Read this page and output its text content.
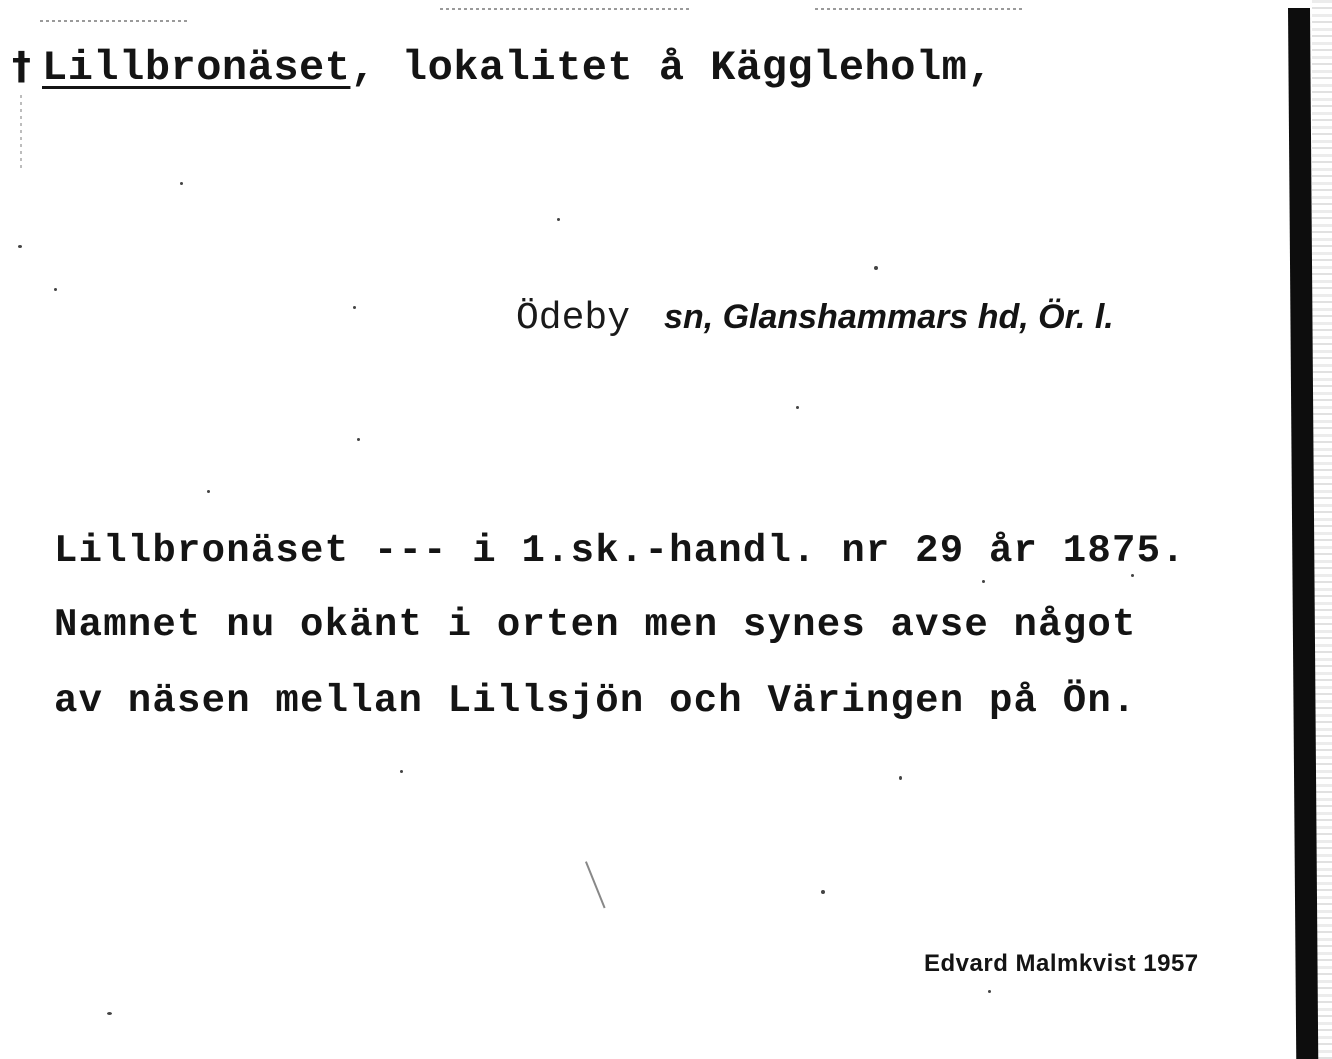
† Lillbronäset, lokalitet å Käggleholm,
Ödeby sn, Glanshammars hd, Ör. l.
Lillbronäset --- i 1.sk.-handl. nr 29 år 1875.
Namnet nu okänt i orten men synes avse något
av näsen mellan Lillsjön och Väringen på Ön.
Edvard Malmkvist 1957
